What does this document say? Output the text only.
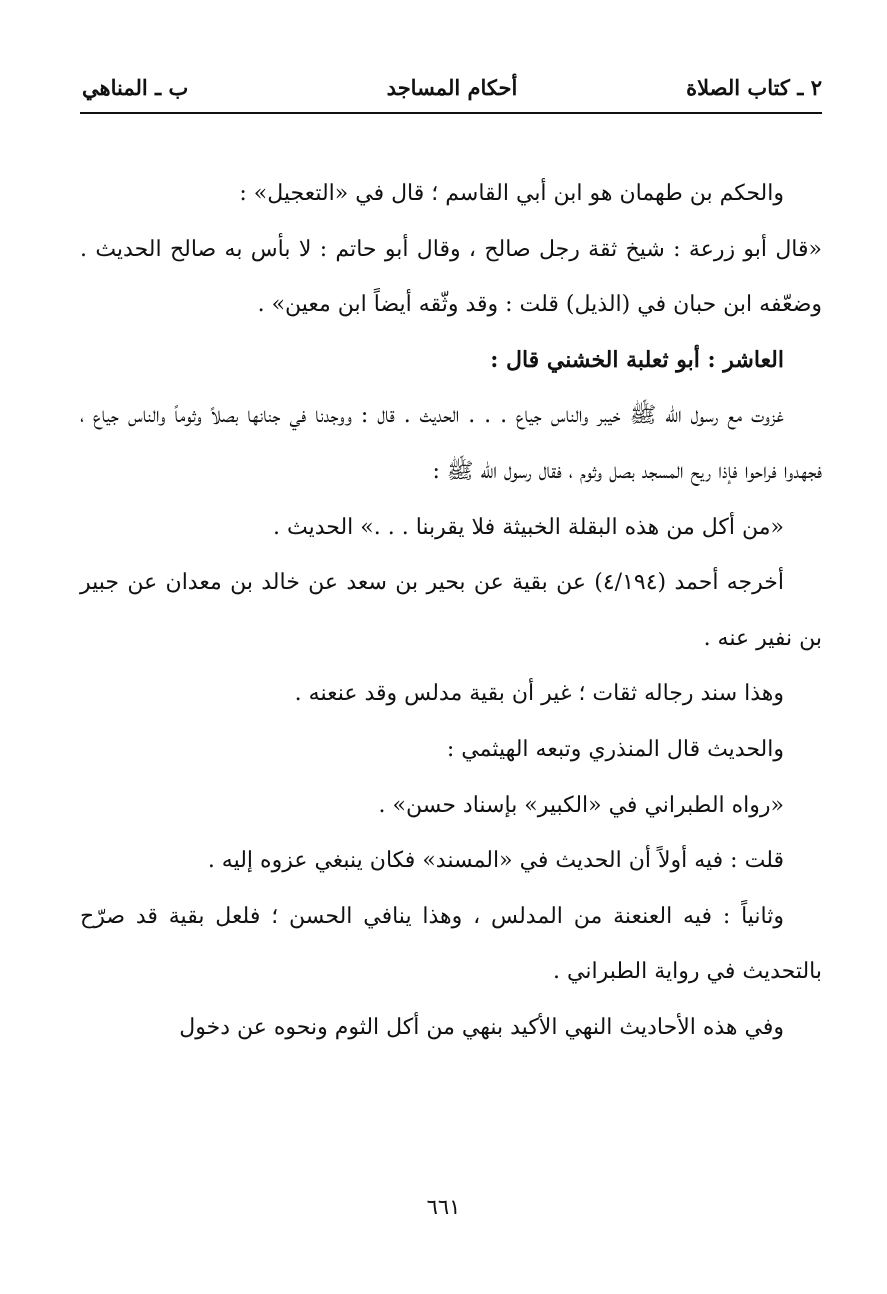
٢ ـ كتاب الصلاة
أحكام المساجد
ب ـ المناهي

والحكم بن طهمان هو ابن أبي القاسم ؛ قال في «التعجيل» :

«قال أبو زرعة : شيخ ثقة رجل صالح ، وقال أبو حاتم : لا بأس به صالح الحديث . وضعّفه ابن حبان في (الذيل) قلت : وقد وثّقه أيضاً ابن معين» .

العاشر : أبو ثعلبة الخشني قال :

غزوت مع رسول الله ﷺ خيبر والناس جياع . . . الحديث . قال : ووجدنا في جنانها بصلاً وثوماً والناس جياع ، فجهدوا فراحوا فإذا ريح المسجد بصل وثوم ، فقال رسول الله ﷺ :

«من أكل من هذه البقلة الخبيثة فلا يقربنا . . .» الحديث .

أخرجه أحمد (٤/١٩٤) عن بقية عن بحير بن سعد عن خالد بن معدان عن جبير بن نفير عنه .

وهذا سند رجاله ثقات ؛ غير أن بقية مدلس وقد عنعنه .

والحديث قال المنذري وتبعه الهيثمي :

«رواه الطبراني في «الكبير» بإسناد حسن» .

قلت : فيه أولاً أن الحديث في «المسند» فكان ينبغي عزوه إليه .

وثانياً : فيه العنعنة من المدلس ، وهذا ينافي الحسن ؛ فلعل بقية قد صرّح بالتحديث في رواية الطبراني .

وفي هذه الأحاديث النهي الأكيد بنهي من أكل الثوم ونحوه عن دخول

٦٦١
